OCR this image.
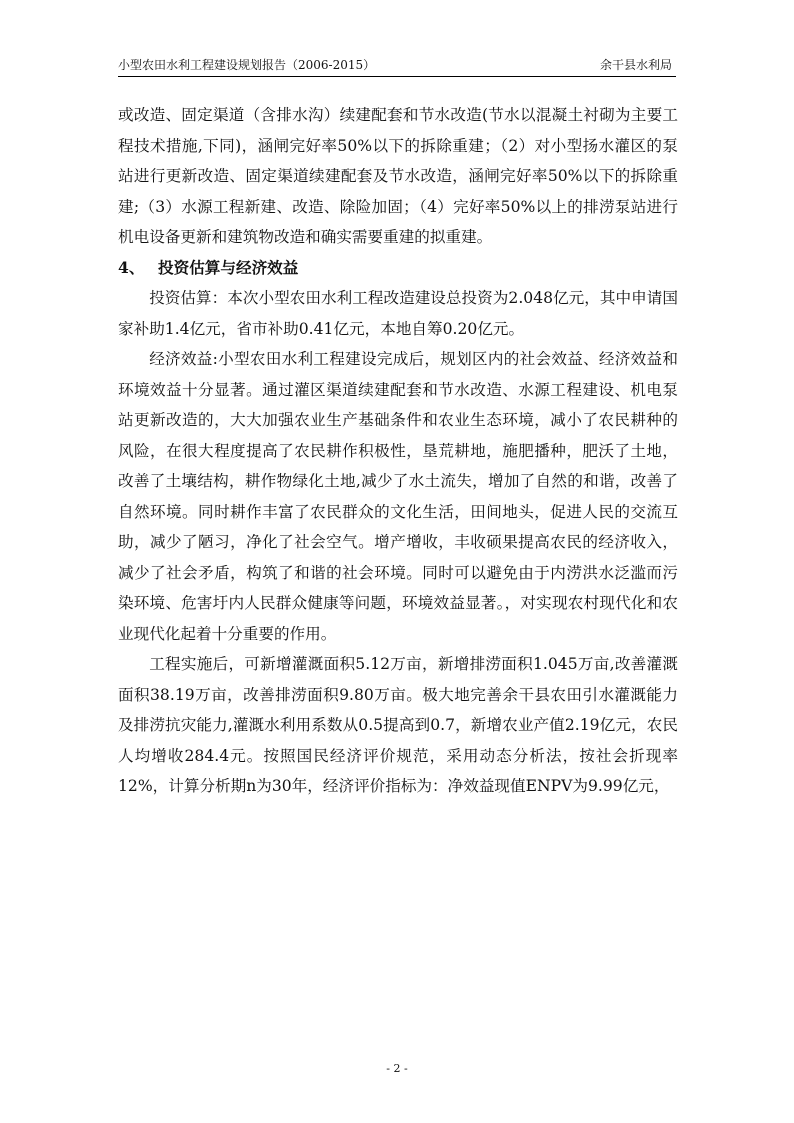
小型农田水利工程建设规划报告（2006-2015）	余干县水利局

或改造、固定渠道（含排水沟）续建配套和节水改造(节水以混凝土衬砌为主要工程技术措施,下同)，涵闸完好率50%以下的拆除重建；（2）对小型扬水灌区的泵站进行更新改造、固定渠道续建配套及节水改造，涵闸完好率50%以下的拆除重建;（3）水源工程新建、改造、除险加固；（4）完好率50%以上的排涝泵站进行机电设备更新和建筑物改造和确实需要重建的拟重建。

4、 投资估算与经济效益

投资估算：本次小型农田水利工程改造建设总投资为2.048亿元，其中申请国家补助1.4亿元，省市补助0.41亿元，本地自筹0.20亿元。

经济效益:小型农田水利工程建设完成后，规划区内的社会效益、经济效益和环境效益十分显著。通过灌区渠道续建配套和节水改造、水源工程建设、机电泵站更新改造的，大大加强农业生产基础条件和农业生态环境，减小了农民耕种的风险，在很大程度提高了农民耕作积极性，垦荒耕地，施肥播种，肥沃了土地，改善了土壤结构，耕作物绿化土地,减少了水土流失，增加了自然的和谐，改善了自然环境。同时耕作丰富了农民群众的文化生活，田间地头，促进人民的交流互助，减少了陋习，净化了社会空气。增产增收，丰收硕果提高农民的经济收入，减少了社会矛盾，构筑了和谐的社会环境。同时可以避免由于内涝洪水泛滥而污染环境、危害圩内人民群众健康等问题，环境效益显著。，对实现农村现代化和农业现代化起着十分重要的作用。

工程实施后，可新增灌溉面积5.12万亩，新增排涝面积1.045万亩,改善灌溉面积38.19万亩，改善排涝面积9.80万亩。极大地完善余干县农田引水灌溉能力及排涝抗灾能力,灌溉水利用系数从0.5提高到0.7，新增农业产值2.19亿元，农民人均增收284.4元。按照国民经济评价规范，采用动态分析法，按社会折现率12%，计算分析期n为30年，经济评价指标为：净效益现值ENPV为9.99亿元，

- 2 -
